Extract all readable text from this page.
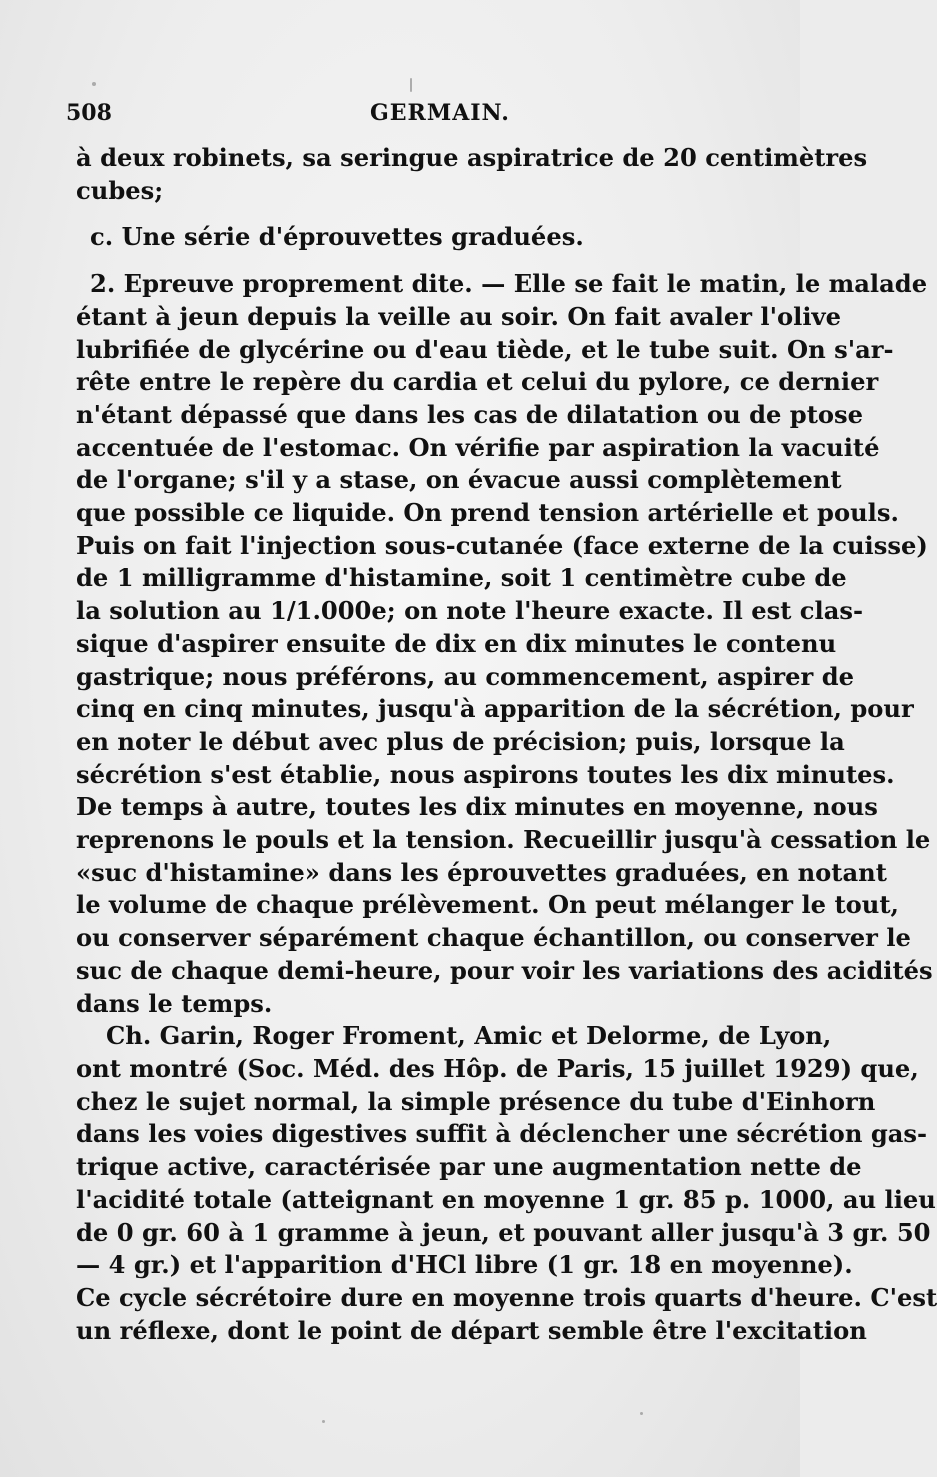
508	GERMAIN.
à deux robinets, sa seringue aspiratrice de 20 centimètres
cubes;
c. Une série d'éprouvettes graduées.
2. Epreuve proprement dite. — Elle se fait le matin, le malade
étant à jeun depuis la veille au soir. On fait avaler l'olive
lubrifiée de glycérine ou d'eau tiède, et le tube suit. On s'ar-
rête entre le repère du cardia et celui du pylore, ce dernier
n'étant dépassé que dans les cas de dilatation ou de ptose
accentuée de l'estomac. On vérifie par aspiration la vacuité
de l'organe; s'il y a stase, on évacue aussi complètement
que possible ce liquide. On prend tension artérielle et pouls.
Puis on fait l'injection sous-cutanée (face externe de la cuisse)
de 1 milligramme d'histamine, soit 1 centimètre cube de
la solution au 1/1.000e; on note l'heure exacte. Il est clas-
sique d'aspirer ensuite de dix en dix minutes le contenu
gastrique; nous préférons, au commencement, aspirer de
cinq en cinq minutes, jusqu'à apparition de la sécrétion, pour
en noter le début avec plus de précision; puis, lorsque la
sécrétion s'est établie, nous aspirons toutes les dix minutes.
De temps à autre, toutes les dix minutes en moyenne, nous
reprenons le pouls et la tension. Recueillir jusqu'à cessation le
«suc d'histamine» dans les éprouvettes graduées, en notant
le volume de chaque prélèvement. On peut mélanger le tout,
ou conserver séparément chaque échantillon, ou conserver le
suc de chaque demi-heure, pour voir les variations des acidités
dans le temps.
Ch. Garin, Roger Froment, Amic et Delorme, de Lyon,
ont montré (Soc. Méd. des Hôp. de Paris, 15 juillet 1929) que,
chez le sujet normal, la simple présence du tube d'Einhorn
dans les voies digestives suffit à déclencher une sécrétion gas-
trique active, caractérisée par une augmentation nette de
l'acidité totale (atteignant en moyenne 1 gr. 85 p. 1000, au lieu
de 0 gr. 60 à 1 gramme à jeun, et pouvant aller jusqu'à 3 gr. 50
— 4 gr.) et l'apparition d'HCl libre (1 gr. 18 en moyenne).
Ce cycle sécrétoire dure en moyenne trois quarts d'heure. C'est
un réflexe, dont le point de départ semble être l'excitation
